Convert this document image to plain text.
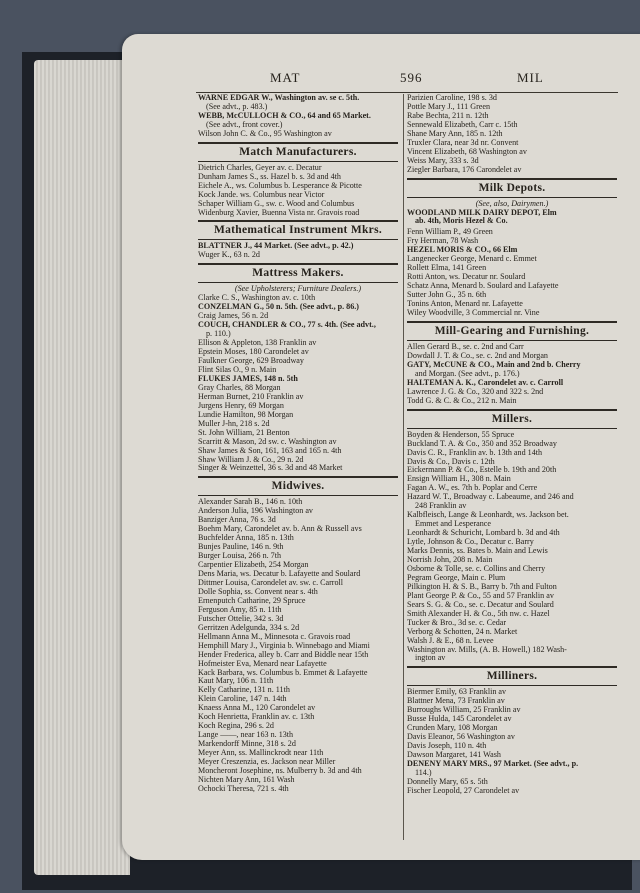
MAT	596	MIL
WARNE EDGAR W., Washington av. se c. 5th.
(See advt., p. 483.)
WEBB, McCULLOCH & CO., 64 and 65 Market.
(See advt., front cover.)
Wilson John C. & Co., 95 Washington av
Match Manufacturers.
Dietrich Charles, Geyer av. c. Decatur
Dunham James S., ss. Hazel b. s. 3d and 4th
Eichele A., ws. Columbus b. Lesperance & Picotte
Kock Jande. ws. Columbus near Victor
Schaper William G., sw. c. Wood and Columbus
Widenburg Xavier, Buenna Vista nr. Gravois road
Mathematical Instrument Mkrs.
BLATTNER J., 44 Market. (See advt., p. 42.)
Wuger K., 63 n. 2d
Mattress Makers.
(See Upholsterers; Furniture Dealers.)
Clarke C. S., Washington av. c. 10th
CONZELMAN G., 50 n. 5th. (See advt., p. 86.)
Craig James, 56 n. 2d
COUCH, CHANDLER & CO., 77 s. 4th. (See advt.,
p. 110.)
Ellison & Appleton, 138 Franklin av
Epstein Moses, 180 Carondelet av
Faulkner George, 629 Broadway
Flint Silas O., 9 n. Main
FLUKES JAMES, 148 n. 5th
Gray Charles, 88 Morgan
Herman Burnet, 210 Franklin av
Jurgens Henry, 69 Morgan
Lundie Hamilton, 98 Morgan
Muller J-hn, 218 s. 2d
St. John William, 21 Benton
Scarritt & Mason, 2d sw. c. Washington av
Shaw James & Son, 161, 163 and 165 n. 4th
Shaw William J. & Co., 29 n. 2d
Singer & Weinzettel, 36 s. 3d and 48 Market
Midwives.
Alexander Sarah B., 146 n. 10th
Anderson Julia, 196 Washington av
Banziger Anna, 76 s. 3d
Boehm Mary, Carondelet av. b. Ann & Russell avs
Buchfelder Anna, 185 n. 13th
Bunjes Pauline, 146 n. 9th
Burger Louisa, 266 n. 7th
Carpentier Elizabeth, 254 Morgan
Dens Maria, ws. Decatur b. Lafayette and Soulard
Dittmer Louisa, Carondelet av. sw. c. Carroll
Dolle Sophia, ss. Convent near s. 4th
Ernenputch Catharine, 29 Spruce
Ferguson Amy, 85 n. 11th
Futscher Ottelie, 342 s. 3d
Gerritzen Adelgunda, 334 s. 2d
Hellmann Anna M., Minnesota c. Gravois road
Hemphill Mary J., Virginia b. Winnebago and Miami
Hender Frederica, alley b. Carr and Biddle near 15th
Hofmeister Eva, Menard near Lafayette
Kack Barbara, ws. Columbus b. Emmet & Lafayette
Kaut Mary, 106 n. 11th
Kelly Catharine, 131 n. 11th
Klein Caroline, 147 n. 14th
Knaess Anna M., 120 Carondelet av
Koch Henrietta, Franklin av. c. 13th
Koch Regina, 296 s. 2d
Lange ——, near 163 n. 13th
Markendorff Minne, 318 s. 2d
Meyer Ann, ss. Mallinckrodt near 11th
Meyer Creszenzia, es. Jackson near Miller
Moncheront Josephine, ns. Mulberry b. 3d and 4th
Nichten Mary Ann, 161 Wash
Ochocki Theresa, 721 s. 4th
Parizien Caroline, 198 s. 3d
Pottle Mary J., 111 Green
Rabe Bechta, 211 n. 12th
Sennewald Elizabeth, Carr c. 15th
Shane Mary Ann, 185 n. 12th
Truxler Clara, near 3d nr. Convent
Vincent Elizabeth, 68 Washington av
Weiss Mary, 333 s. 3d
Ziegler Barbara, 176 Carondelet av
Milk Depots.
(See, also, Dairymen.)
WOODLAND MILK DAIRY DEPOT, Elm
ab. 4th, Moris Hezel & Co.
Fenn William P., 49 Green
Fry Herman, 78 Wash
HEZEL MORIS & CO., 66 Elm
Langenecker George, Menard c. Emmet
Rollett Elma, 141 Green
Rotti Anton, ws. Decatur nr. Soulard
Schatz Anna, Menard b. Soulard and Lafayette
Sutter John G., 35 n. 6th
Tonins Anton, Menard nr. Lafayette
Wiley Woodville, 3 Commercial nr. Vine
Mill-Gearing and Furnishing.
Allen Gerard B., se. c. 2nd and Carr
Dowdall J. T. & Co., se. c. 2nd and Morgan
GATY, McCUNE & CO., Main and 2nd b. Cherry
and Morgan. (See advt., p. 176.)
HALTEMAN A. K., Carondelet av. c. Carroll
Lawrence J. G. & Co., 320 and 322 s. 2nd
Todd G. & C. & Co., 212 n. Main
Millers.
Boyden & Henderson, 55 Spruce
Buckland T. A. & Co., 350 and 352 Broadway
Davis C. R., Franklin av. b. 13th and 14th
Davis & Co., Davis c. 12th
Eickermann P. & Co., Estelle b. 19th and 20th
Ensign William H., 308 n. Main
Fagan A. W., es. 7th b. Poplar and Cerre
Hazard W. T., Broadway c. Labeaume, and 246 and
248 Franklin av
Kalbfleisch, Lange & Leonhardt, ws. Jackson bet.
Emmet and Lesperance
Leonhardt & Schuricht, Lombard b. 3d and 4th
Lytle, Johnson & Co., Decatur c. Barry
Marks Dennis, ss. Bates b. Main and Lewis
Norrish John, 208 n. Main
Osborne & Tolle, se. c. Collins and Cherry
Pegram George, Main c. Plum
Pilkington H. & S. B., Barry b. 7th and Fulton
Plant George P. & Co., 55 and 57 Franklin av
Sears S. G. & Co., se. c. Decatur and Soulard
Smith Alexander H. & Co., 5th nw. c. Hazel
Tucker & Bro., 3d se. c. Cedar
Verborg & Schotten, 24 n. Market
Walsh J. & E., 68 n. Levee
Washington av. Mills, (A. B. Howell,) 182 Wash-
ington av
Milliners.
Biermer Emily, 63 Franklin av
Blattner Mena, 73 Franklin av
Burroughs William, 25 Franklin av
Busse Hulda, 145 Carondelet av
Crunden Mary, 108 Morgan
Davis Eleanor, 56 Washington av
Davis Joseph, 110 n. 4th
Dawson Margaret, 141 Wash
DENENY MARY MRS., 97 Market. (See advt., p.
114.)
Donnelly Mary, 65 s. 5th
Fischer Leopold, 27 Carondelet av
